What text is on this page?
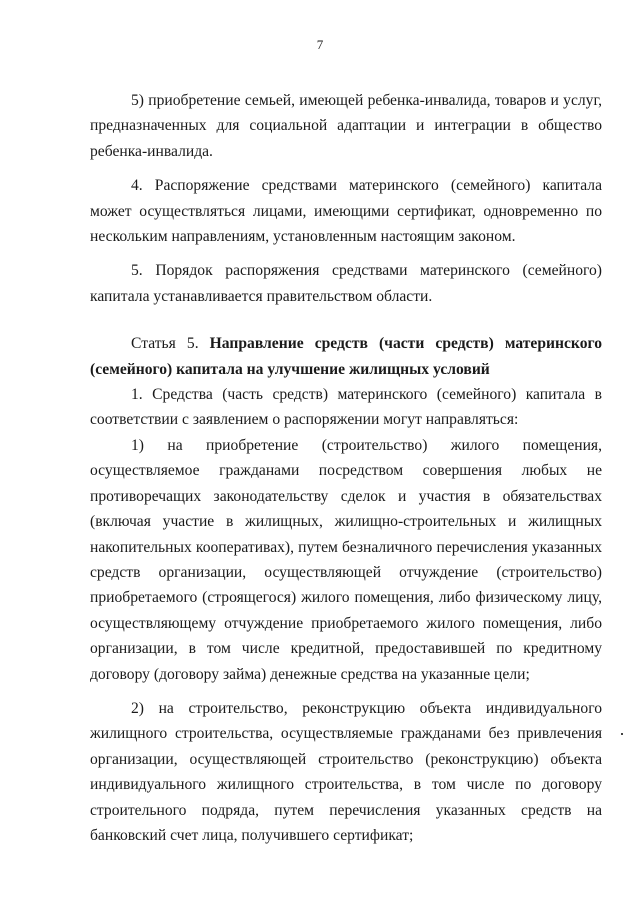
7

5) приобретение семьей, имеющей ребенка-инвалида, товаров и услуг, предназначенных для социальной адаптации и интеграции в общество ребенка-инвалида.

4. Распоряжение средствами материнского (семейного) капитала может осуществляться лицами, имеющими сертификат, одновременно по нескольким направлениям, установленным настоящим законом.

5. Порядок распоряжения средствами материнского (семейного) капитала устанавливается правительством области.

Статья 5. Направление средств (части средств) материнского (семейного) капитала на улучшение жилищных условий

1. Средства (часть средств) материнского (семейного) капитала в соответствии с заявлением о распоряжении могут направляться:

1) на приобретение (строительство) жилого помещения, осуществляемое гражданами посредством совершения любых не противоречащих законодательству сделок и участия в обязательствах (включая участие в жилищных, жилищно-строительных и жилищных накопительных кооперативах), путем безналичного перечисления указанных средств организации, осуществляющей отчуждение (строительство) приобретаемого (строящегося) жилого помещения, либо физическому лицу, осуществляющему отчуждение приобретаемого жилого помещения, либо организации, в том числе кредитной, предоставившей по кредитному договору (договору займа) денежные средства на указанные цели;

2) на строительство, реконструкцию объекта индивидуального жилищного строительства, осуществляемые гражданами без привлечения организации, осуществляющей строительство (реконструкцию) объекта индивидуального жилищного строительства, в том числе по договору строительного подряда, путем перечисления указанных средств на банковский счет лица, получившего сертификат;
